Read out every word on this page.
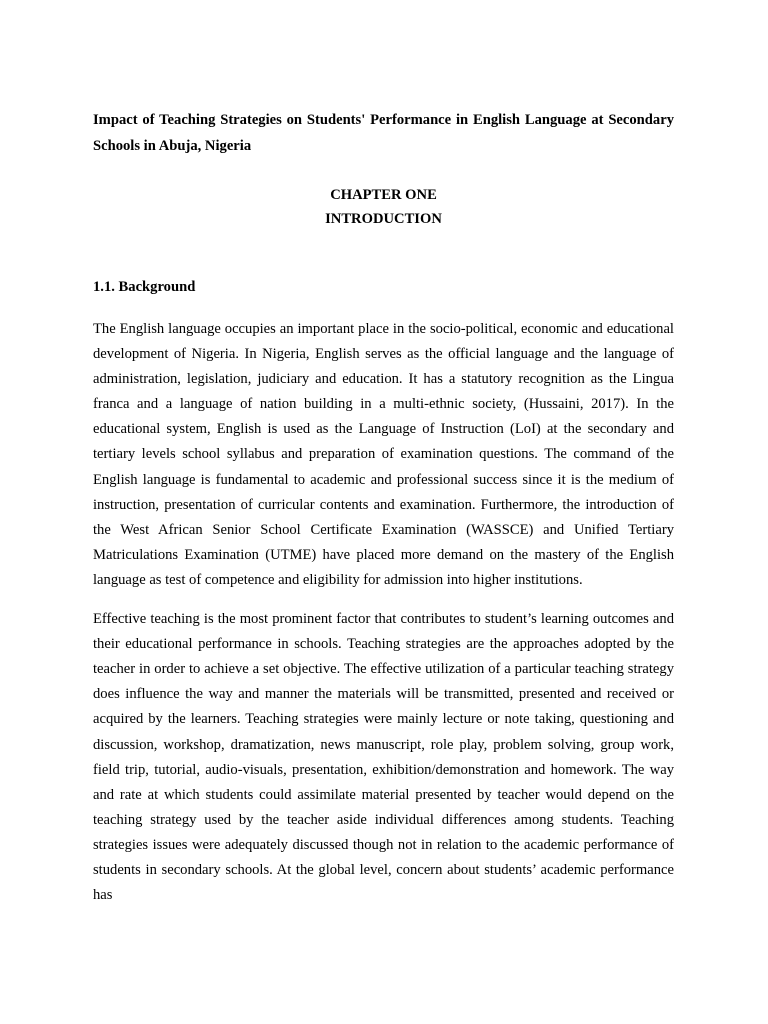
Impact of Teaching Strategies on Students' Performance in English Language at Secondary Schools in Abuja, Nigeria

CHAPTER ONE
INTRODUCTION
1.1. Background

The English language occupies an important place in the socio-political, economic and educational development of Nigeria. In Nigeria, English serves as the official language and the language of administration, legislation, judiciary and education. It has a statutory recognition as the Lingua franca and a language of nation building in a multi-ethnic society, (Hussaini, 2017). In the educational system, English is used as the Language of Instruction (LoI) at the secondary and tertiary levels school syllabus and preparation of examination questions. The command of the English language is fundamental to academic and professional success since it is the medium of instruction, presentation of curricular contents and examination. Furthermore, the introduction of the West African Senior School Certificate Examination (WASSCE) and Unified Tertiary Matriculations Examination (UTME) have placed more demand on the mastery of the English language as test of competence and eligibility for admission into higher institutions.

Effective teaching is the most prominent factor that contributes to student’s learning outcomes and their educational performance in schools. Teaching strategies are the approaches adopted by the teacher in order to achieve a set objective. The effective utilization of a particular teaching strategy does influence the way and manner the materials will be transmitted, presented and received or acquired by the learners. Teaching strategies were mainly lecture or note taking, questioning and discussion, workshop, dramatization, news manuscript, role play, problem solving, group work, field trip, tutorial, audio-visuals, presentation, exhibition/demonstration and homework. The way and rate at which students could assimilate material presented by teacher would depend on the teaching strategy used by the teacher aside individual differences among students. Teaching strategies issues were adequately discussed though not in relation to the academic performance of students in secondary schools. At the global level, concern about students’ academic performance has
